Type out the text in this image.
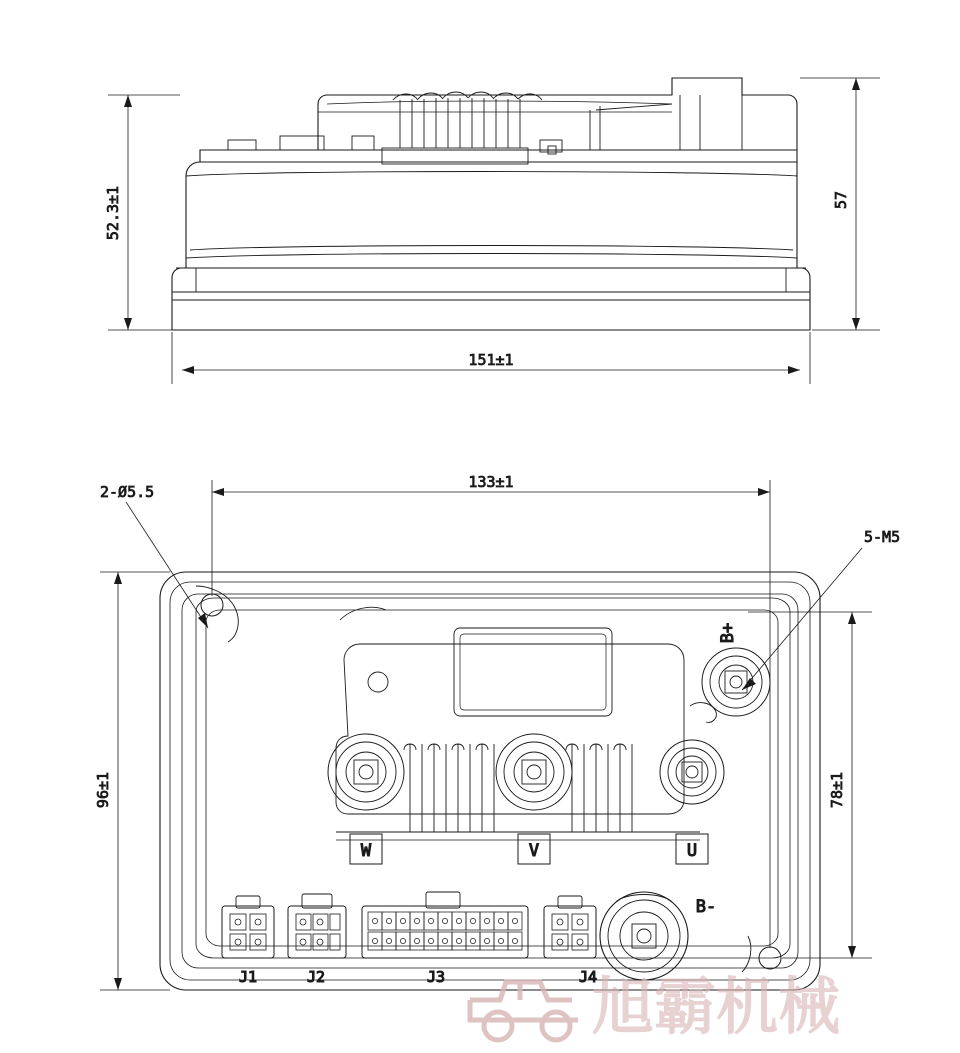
52.3±1	57
151±1
W	V	U
B+
B-
J1	J2	J3	J4
2-Ø5.5
5-M5
133±1
96±1	78±1
旭霸机械
